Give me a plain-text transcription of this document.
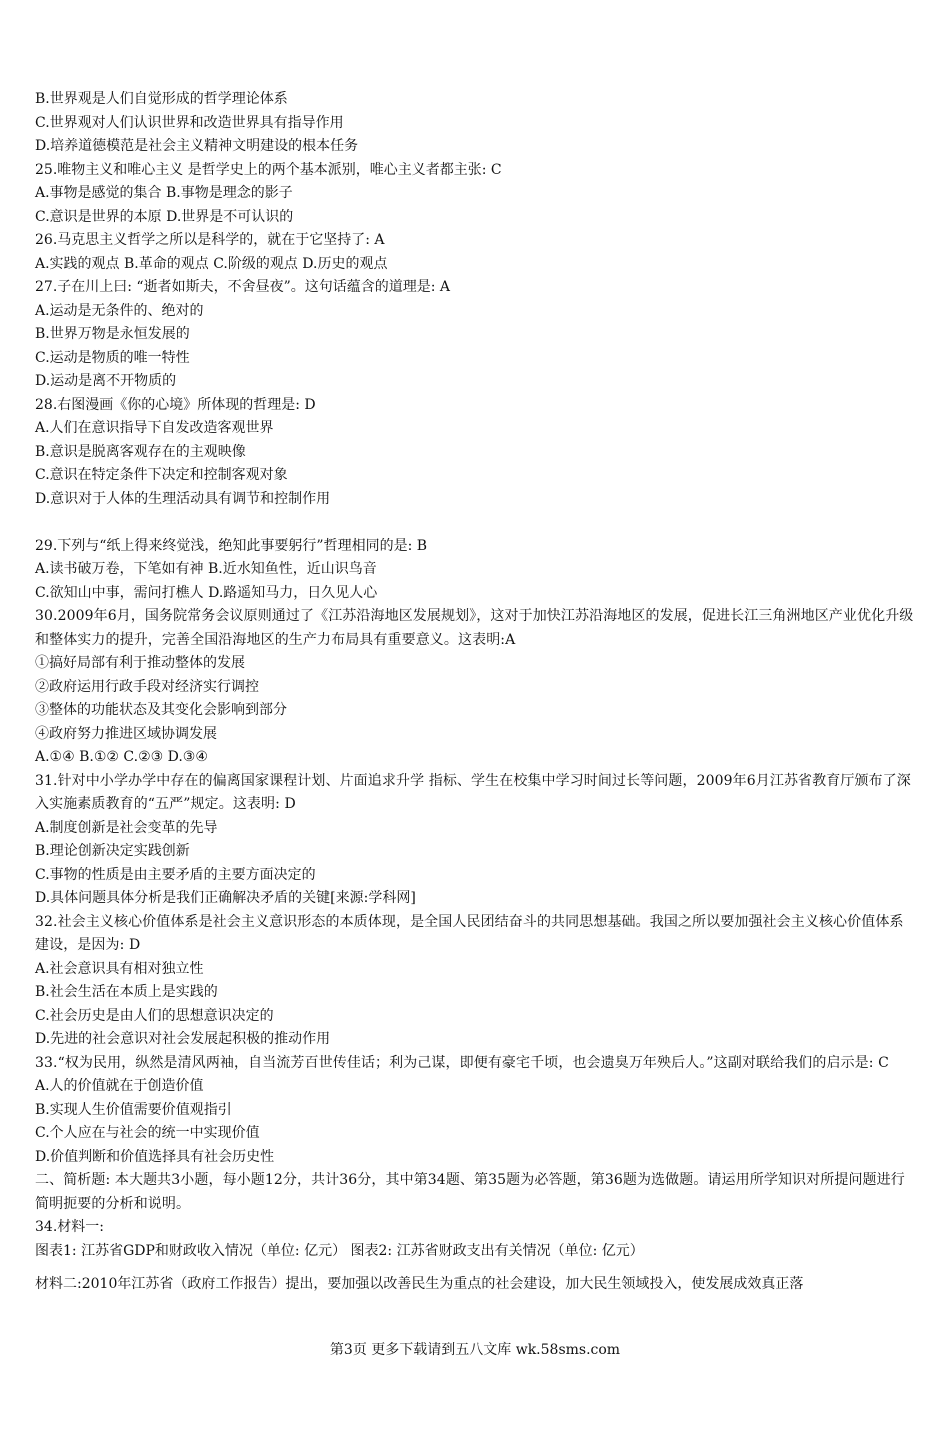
B.世界观是人们自觉形成的哲学理论体系
C.世界观对人们认识世界和改造世界具有指导作用
D.培养道德模范是社会主义精神文明建设的根本任务
25.唯物主义和唯心主义 是哲学史上的两个基本派别，唯心主义者都主张: C
A.事物是感觉的集合 B.事物是理念的影子
C.意识是世界的本原 D.世界是不可认识的
26.马克思主义哲学之所以是科学的，就在于它坚持了: A
A.实践的观点 B.革命的观点 C.阶级的观点 D.历史的观点
27.子在川上曰: “逝者如斯夫，不舍昼夜”。这句话蕴含的道理是: A
A.运动是无条件的、绝对的
B.世界万物是永恒发展的
C.运动是物质的唯一特性
D.运动是离不开物质的
28.右图漫画《你的心境》所体现的哲理是: D
A.人们在意识指导下自发改造客观世界
B.意识是脱离客观存在的主观映像
C.意识在特定条件下决定和控制客观对象
D.意识对于人体的生理活动具有调节和控制作用
29.下列与“纸上得来终觉浅，绝知此事要躬行”哲理相同的是: B
A.读书破万卷，下笔如有神 B.近水知鱼性，近山识鸟音
C.欲知山中事，需问打樵人 D.路遥知马力，日久见人心
30.2009年6月，国务院常务会议原则通过了《江苏沿海地区发展规划》，这对于加快江苏沿海地区的发展，促进长江三角洲地区产业优化升级和整体实力的提升，完善全国沿海地区的生产力布局具有重要意义。这表明:A
①搞好局部有利于推动整体的发展
②政府运用行政手段对经济实行调控
③整体的功能状态及其变化会影响到部分
④政府努力推进区域协调发展
A.①④ B.①② C.②③ D.③④
31.针对中小学办学中存在的偏离国家课程计划、片面追求升学 指标、学生在校集中学习时间过长等问题，2009年6月江苏省教育厅颁布了深入实施素质教育的“五严”规定。这表明: D
A.制度创新是社会变革的先导
B.理论创新决定实践创新
C.事物的性质是由主要矛盾的主要方面决定的
D.具体问题具体分析是我们正确解决矛盾的关键[来源:学科网]
32.社会主义核心价值体系是社会主义意识形态的本质体现，是全国人民团结奋斗的共同思想基础。我国之所以要加强社会主义核心价值体系建设，是因为: D
A.社会意识具有相对独立性
B.社会生活在本质上是实践的
C.社会历史是由人们的思想意识决定的
D.先进的社会意识对社会发展起积极的推动作用
33.“权为民用，纵然是清风两袖，自当流芳百世传佳话；利为己谋，即便有豪宅千顷，也会遗臭万年殃后人。”这副对联给我们的启示是: C
A.人的价值就在于创造价值
B.实现人生价值需要价值观指引
C.个人应在与社会的统一中实现价值
D.价值判断和价值选择具有社会历史性
二、简析题: 本大题共3小题，每小题12分，共计36分，其中第34题、第35题为必答题，第36题为选做题。请运用所学知识对所提问题进行简明扼要的分析和说明。
34.材料一:
图表1: 江苏省GDP和财政收入情况（单位: 亿元） 图表2: 江苏省财政支出有关情况（单位: 亿元）
材料二:2010年江苏省（政府工作报告）提出，要加强以改善民生为重点的社会建设，加大民生领域投入，使发展成效真正落
第3页 更多下载请到五八文库 wk.58sms.com
